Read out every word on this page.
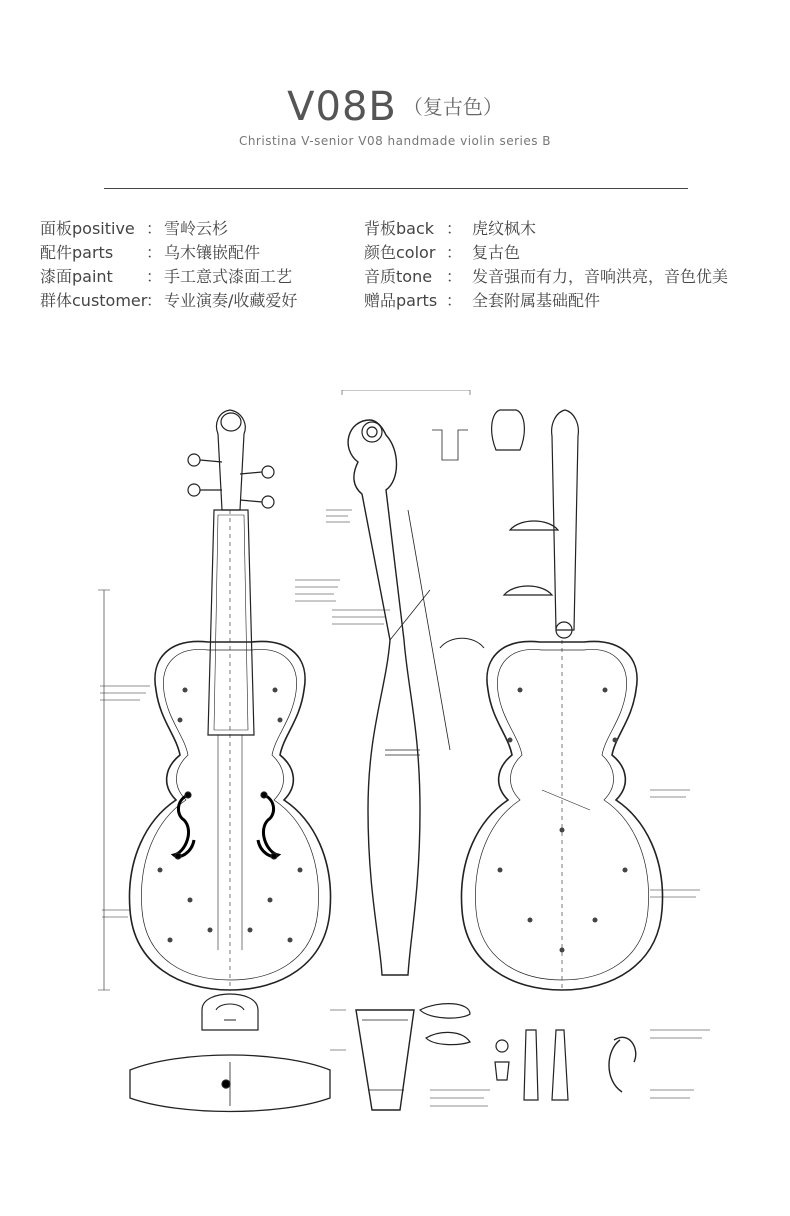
V08B （复古色）
Christina V-senior V08 handmade violin series B
面板positive ： 雪岭云杉
配件parts ： 乌木镶嵌配件
漆面paint ： 手工意式漆面工艺
群体customer
： 专业演奏/收藏爱好
背板back ： 虎纹枫木
颜色color ： 复古色
音质tone ： 发音强而有力，音响洪亮，音色优美
赠品parts ： 全套附属基础配件
